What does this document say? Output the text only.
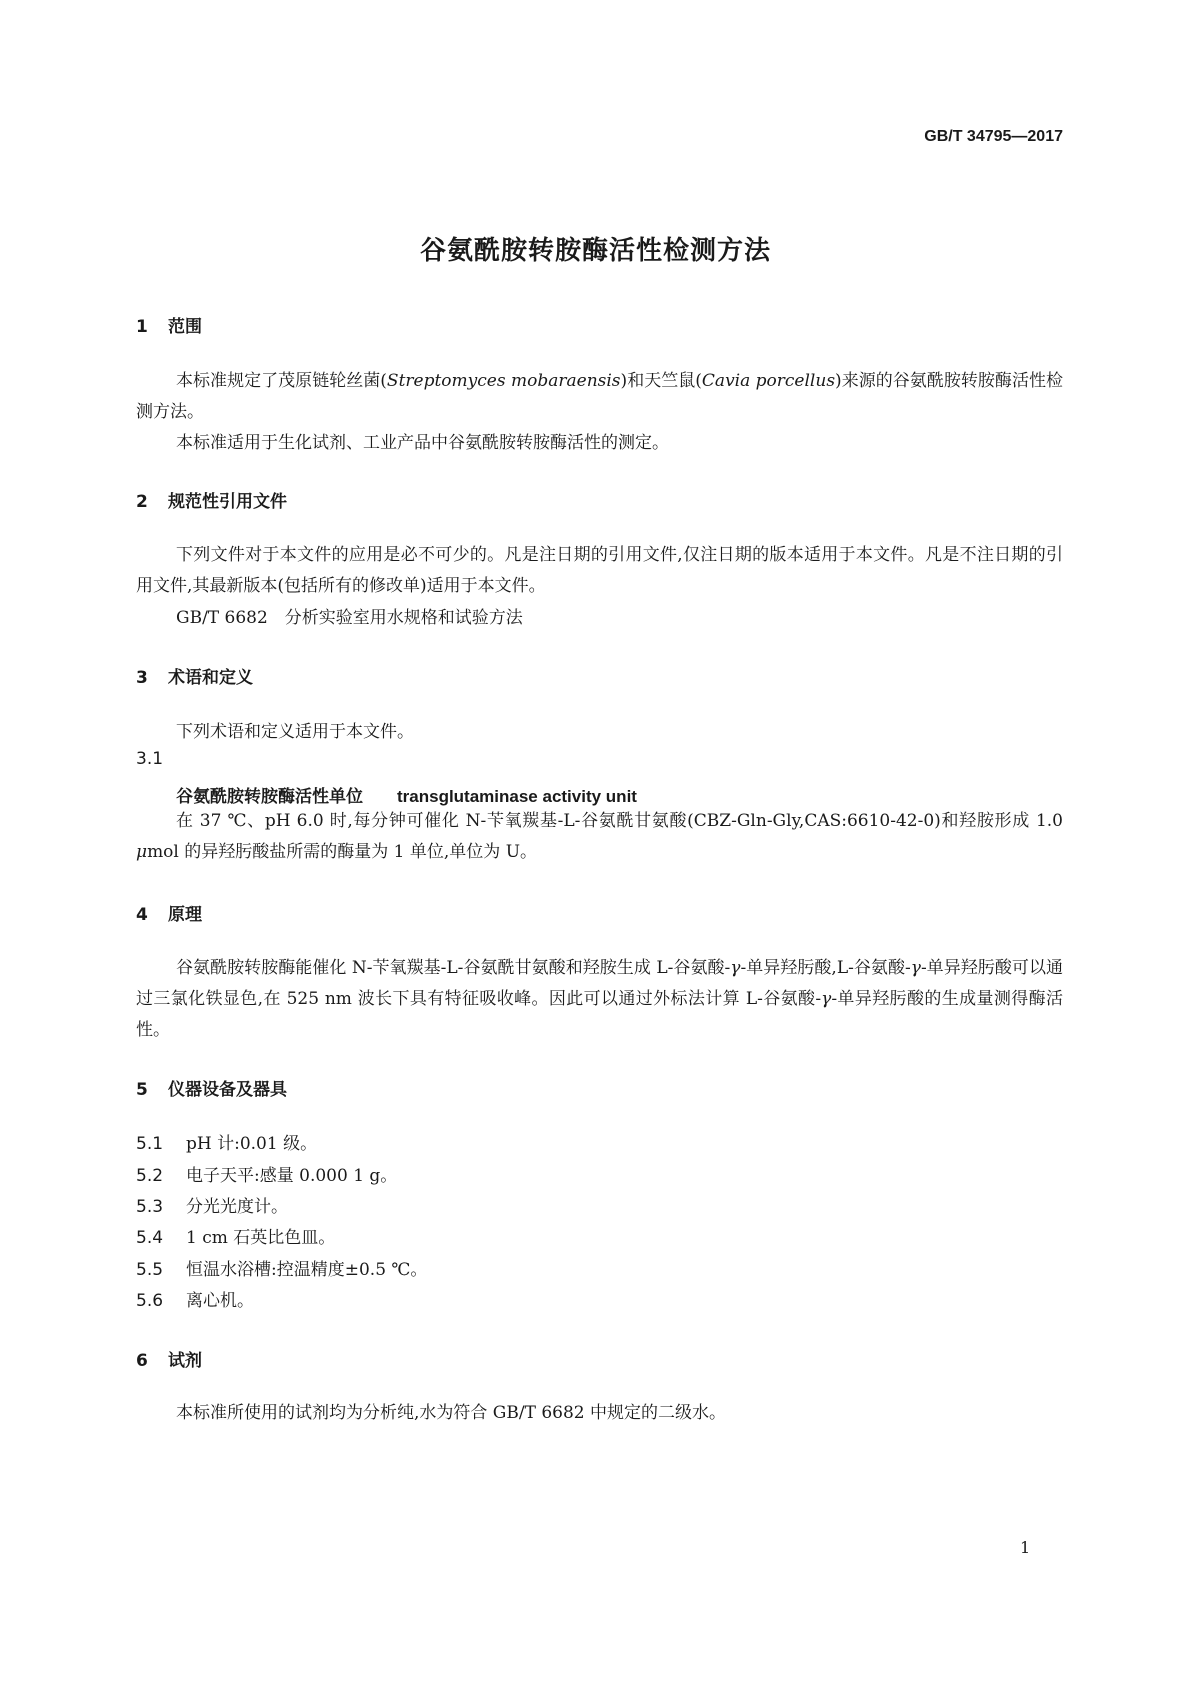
GB/T 34795—2017
谷氨酰胺转胺酶活性检测方法
1 范围
本标准规定了茂原链轮丝菌(Streptomyces mobaraensis)和天竺鼠(Cavia porcellus)来源的谷氨酰胺转胺酶活性检测方法。
本标准适用于生化试剂、工业产品中谷氨酰胺转胺酶活性的测定。
2 规范性引用文件
下列文件对于本文件的应用是必不可少的。凡是注日期的引用文件,仅注日期的版本适用于本文件。凡是不注日期的引用文件,其最新版本(包括所有的修改单)适用于本文件。
GB/T 6682　分析实验室用水规格和试验方法
3 术语和定义
下列术语和定义适用于本文件。
3.1
谷氨酰胺转胺酶活性单位 transglutaminase activity unit
在 37 ℃、pH 6.0 时,每分钟可催化 N-苄氧羰基-L-谷氨酰甘氨酸(CBZ-Gln-Gly,CAS:6610-42-0)和羟胺形成 1.0 μmol 的异羟肟酸盐所需的酶量为 1 单位,单位为 U。
4 原理
谷氨酰胺转胺酶能催化 N-苄氧羰基-L-谷氨酰甘氨酸和羟胺生成 L-谷氨酸-γ-单异羟肟酸,L-谷氨酸-γ-单异羟肟酸可以通过三氯化铁显色,在 525 nm 波长下具有特征吸收峰。因此可以通过外标法计算 L-谷氨酸-γ-单异羟肟酸的生成量测得酶活性。
5 仪器设备及器具
5.1 pH 计:0.01 级。
5.2 电子天平:感量 0.000 1 g。
5.3 分光光度计。
5.4 1 cm 石英比色皿。
5.5 恒温水浴槽:控温精度±0.5 ℃。
5.6 离心机。
6 试剂
本标准所使用的试剂均为分析纯,水为符合 GB/T 6682 中规定的二级水。
1
